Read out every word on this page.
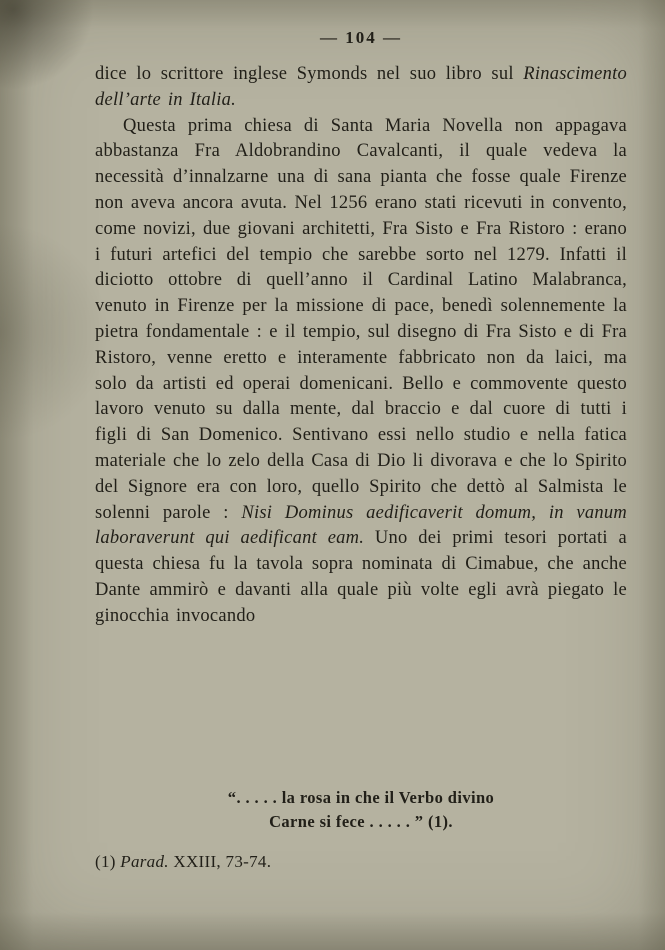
— 104 —

dice lo scrittore inglese Symonds nel suo libro sul Rinascimento dell’arte in Italia.

Questa prima chiesa di Santa Maria Novella non appagava abbastanza Fra Aldobrandino Cavalcanti, il quale vedeva la necessità d’innalzarne una di sana pianta che fosse quale Firenze non aveva ancora avuta. Nel 1256 erano stati ricevuti in convento, come novizi, due giovani architetti, Fra Sisto e Fra Ristoro : erano i futuri artefici del tempio che sarebbe sorto nel 1279. Infatti il diciotto ottobre di quell’anno il Cardinal Latino Malabranca, venuto in Firenze per la missione di pace, benedì solennemente la pietra fondamentale : e il tempio, sul disegno di Fra Sisto e di Fra Ristoro, venne eretto e interamente fabbricato non da laici, ma solo da artisti ed operai domenicani. Bello e commovente questo lavoro venuto su dalla mente, dal braccio e dal cuore di tutti i figli di San Domenico. Sentivano essi nello studio e nella fatica materiale che lo zelo della Casa di Dio li divorava e che lo Spirito del Signore era con loro, quello Spirito che dettò al Salmista le solenni parole : Nisi Dominus aedificaverit domum, in vanum laboraverunt qui aedificant eam. Uno dei primi tesori portati a questa chiesa fu la tavola sopra nominata di Cimabue, che anche Dante ammirò e davanti alla quale più volte egli avrà piegato le ginocchia invocando

“. . . . . la rosa in che il Verbo divino
Carne si fece . . . . . ” (1).
(1) Parad. XXIII, 73-74.
